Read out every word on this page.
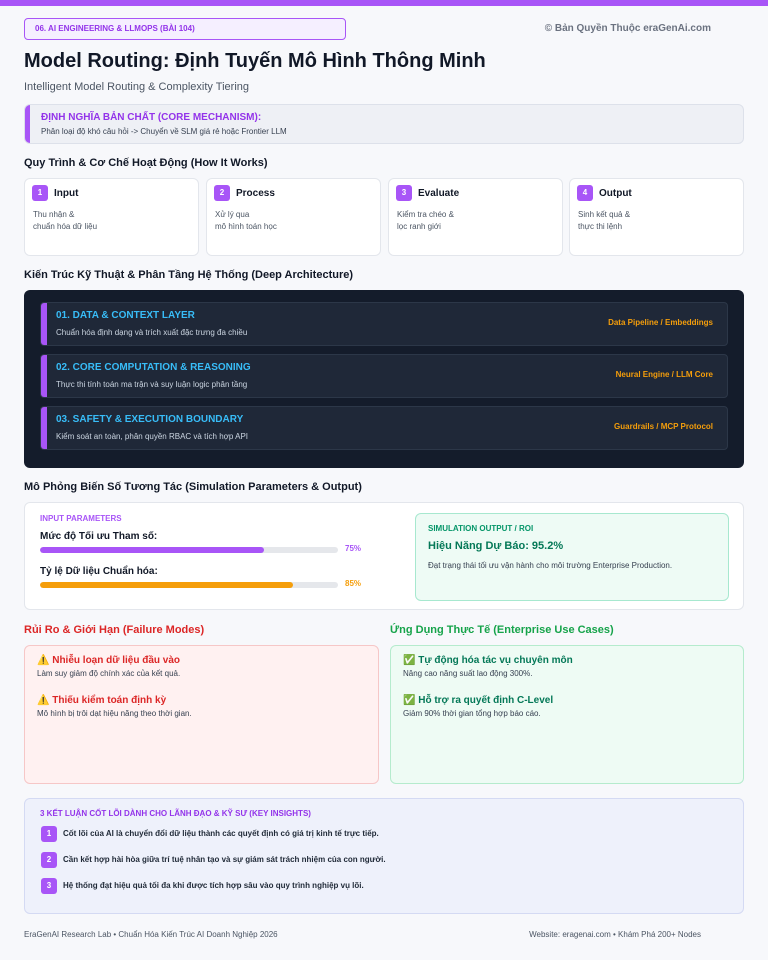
06. AI ENGINEERING & LLMOPS (BÀI 104)	© Bản Quyền Thuộc eraGenAi.com
Model Routing: Định Tuyến Mô Hình Thông Minh
Intelligent Model Routing & Complexity Tiering
ĐỊNH NGHĨA BẢN CHẤT (CORE MECHANISM):
Phân loại độ khó câu hỏi -> Chuyển về SLM giá rẻ hoặc Frontier LLM
Quy Trình & Cơ Chế Hoạt Động (How It Works)
1	Input
Thu nhận &
chuẩn hóa dữ liệu
2	Process
Xử lý qua
mô hình toán học
3	Evaluate
Kiểm tra chéo &
lọc ranh giới
4	Output
Sinh kết quả &
thực thi lệnh
Kiến Trúc Kỹ Thuật & Phân Tầng Hệ Thống (Deep Architecture)
01. DATA & CONTEXT LAYER
Chuẩn hóa định dạng và trích xuất đặc trưng đa chiều
Data Pipeline / Embeddings
02. CORE COMPUTATION & REASONING
Thực thi tính toán ma trận và suy luận logic phân tầng
Neural Engine / LLM Core
03. SAFETY & EXECUTION BOUNDARY
Kiểm soát an toàn, phân quyền RBAC và tích hợp API
Guardrails / MCP Protocol
Mô Phỏng Biến Số Tương Tác (Simulation Parameters & Output)
INPUT PARAMETERS
Mức độ Tối ưu Tham số:
75%
Tỷ lệ Dữ liệu Chuẩn hóa:
85%
SIMULATION OUTPUT / ROI
Hiệu Năng Dự Báo: 95.2%
Đạt trạng thái tối ưu vận hành cho môi trường Enterprise Production.
Rủi Ro & Giới Hạn (Failure Modes)	Ứng Dụng Thực Tế (Enterprise Use Cases)
⚠️ Nhiễu loạn dữ liệu đầu vào
Làm suy giảm độ chính xác của kết quả.
⚠️ Thiếu kiểm toán định kỳ
Mô hình bị trôi dạt hiệu năng theo thời gian.
✅ Tự động hóa tác vụ chuyên môn
Nâng cao năng suất lao động 300%.
✅ Hỗ trợ ra quyết định C-Level
Giảm 90% thời gian tổng hợp báo cáo.
3 KẾT LUẬN CỐT LÕI DÀNH CHO LÃNH ĐẠO & KỸ SƯ (KEY INSIGHTS)
1	Cốt lõi của AI là chuyển đổi dữ liệu thành các quyết định có giá trị kinh tế trực tiếp.
2	Cần kết hợp hài hòa giữa trí tuệ nhân tạo và sự giám sát trách nhiệm của con người.
3	Hệ thống đạt hiệu quả tối đa khi được tích hợp sâu vào quy trình nghiệp vụ lõi.
EraGenAI Research Lab • Chuẩn Hóa Kiến Trúc AI Doanh Nghiệp 2026	Website: eragenai.com • Khám Phá 200+ Nodes
